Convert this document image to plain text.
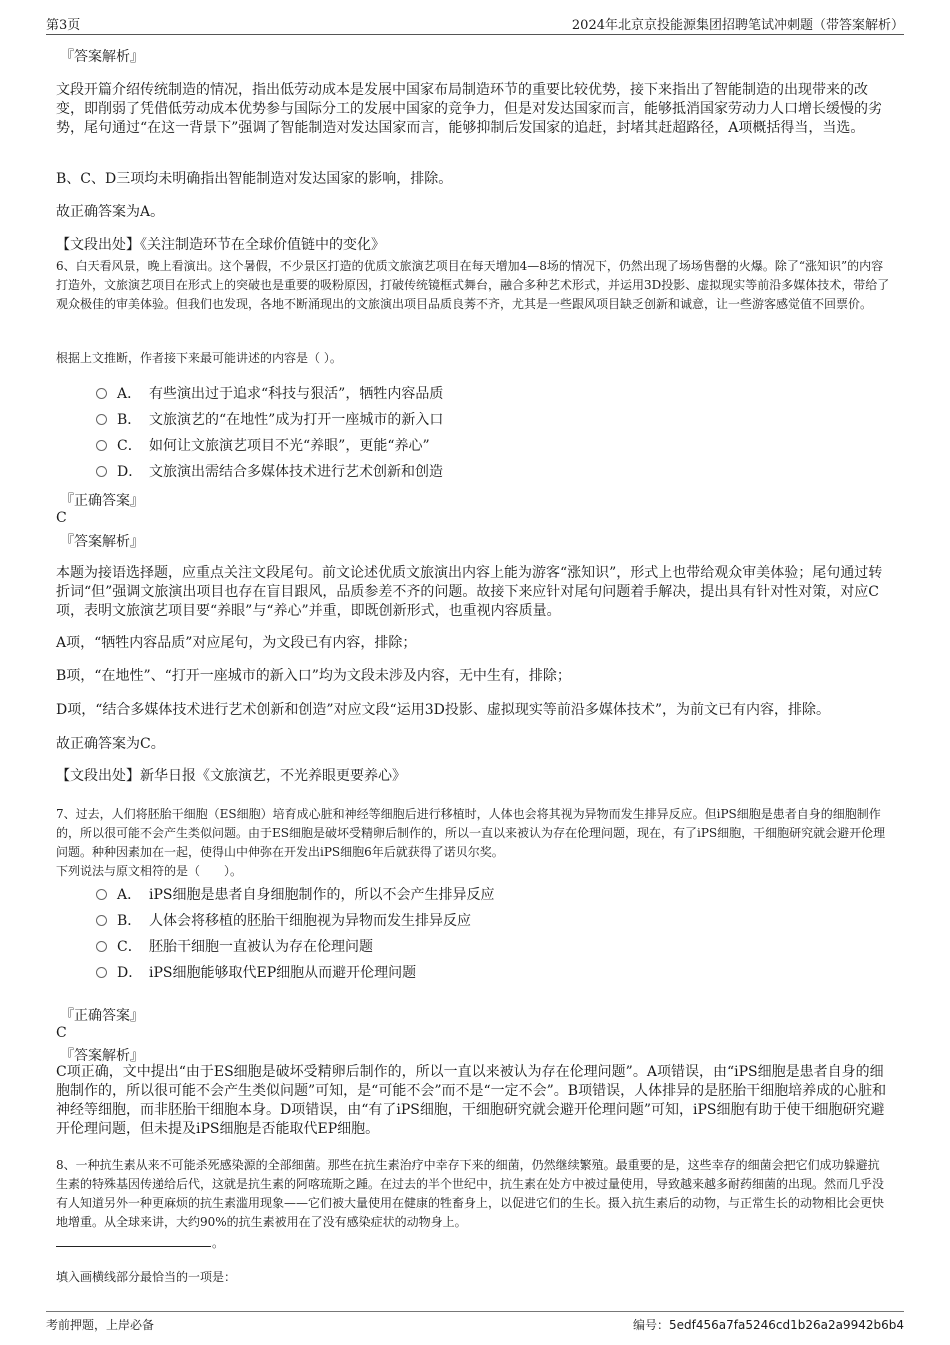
第3页	2024年北京京投能源集团招聘笔试冲刺题（带答案解析）
『答案解析』
文段开篇介绍传统制造的情况，指出低劳动成本是发展中国家布局制造环节的重要比较优势，接下来指出了智能制造的出现带来的改变，即削弱了凭借低劳动成本优势参与国际分工的发展中国家的竞争力，但是对发达国家而言，能够抵消国家劳动力人口增长缓慢的劣势，尾句通过“在这一背景下”强调了智能制造对发达国家而言，能够抑制后发国家的追赶，封堵其赶超路径，A项概括得当，当选。
B、C、D三项均未明确指出智能制造对发达国家的影响，排除。
故正确答案为A。
【文段出处】《关注制造环节在全球价值链中的变化》
6、白天看风景，晚上看演出。这个暑假，不少景区打造的优质文旅演艺项目在每天增加4—8场的情况下，仍然出现了场场售罄的火爆。除了“涨知识”的内容打造外，文旅演艺项目在形式上的突破也是重要的吸粉原因，打破传统镜框式舞台，融合多种艺术形式，并运用3D投影、虚拟现实等前沿多媒体技术，带给了观众极佳的审美体验。但我们也发现，各地不断涌现出的文旅演出项目品质良莠不齐，尤其是一些跟风项目缺乏创新和诚意，让一些游客感觉值不回票价。
根据上文推断，作者接下来最可能讲述的内容是（ ）。
A． 有些演出过于追求“科技与狠活”，牺牲内容品质
B． 文旅演艺的“在地性”成为打开一座城市的新入口
C． 如何让文旅演艺项目不光“养眼”，更能“养心”
D． 文旅演出需结合多媒体技术进行艺术创新和创造
『正确答案』
C
『答案解析』
本题为接语选择题，应重点关注文段尾句。前文论述优质文旅演出内容上能为游客“涨知识”，形式上也带给观众审美体验；尾句通过转折词“但”强调文旅演出项目也存在盲目跟风，品质参差不齐的问题。故接下来应针对尾句问题着手解决，提出具有针对性对策，对应C项，表明文旅演艺项目要“养眼”与“养心”并重，即既创新形式，也重视内容质量。
A项，“牺牲内容品质”对应尾句，为文段已有内容，排除；
B项，“在地性”、“打开一座城市的新入口”均为文段未涉及内容，无中生有，排除；
D项，“结合多媒体技术进行艺术创新和创造”对应文段“运用3D投影、虚拟现实等前沿多媒体技术”，为前文已有内容，排除。
故正确答案为C。
【文段出处】新华日报《文旅演艺，不光养眼更要养心》
7、过去，人们将胚胎干细胞（ES细胞）培育成心脏和神经等细胞后进行移植时，人体也会将其视为异物而发生排异反应。但iPS细胞是患者自身的细胞制作的，所以很可能不会产生类似问题。由于ES细胞是破坏受精卵后制作的，所以一直以来被认为存在伦理问题，现在，有了iPS细胞，干细胞研究就会避开伦理问题。种种因素加在一起，使得山中伸弥在开发出iPS细胞6年后就获得了诺贝尔奖。
下列说法与原文相符的是（　　）。
A． iPS细胞是患者自身细胞制作的，所以不会产生排异反应
B． 人体会将移植的胚胎干细胞视为异物而发生排异反应
C． 胚胎干细胞一直被认为存在伦理问题
D． iPS细胞能够取代EP细胞从而避开伦理问题
『正确答案』
C
『答案解析』
C项正确，文中提出“由于ES细胞是破坏受精卵后制作的，所以一直以来被认为存在伦理问题”。A项错误，由“iPS细胞是患者自身的细胞制作的，所以很可能不会产生类似问题”可知，是“可能不会”而不是“一定不会”。B项错误，人体排异的是胚胎干细胞培养成的心脏和神经等细胞，而非胚胎干细胞本身。D项错误，由“有了iPS细胞，干细胞研究就会避开伦理问题”可知，iPS细胞有助于使干细胞研究避开伦理问题，但未提及iPS细胞是否能取代EP细胞。
8、一种抗生素从来不可能杀死感染源的全部细菌。那些在抗生素治疗中幸存下来的细菌，仍然继续繁殖。最重要的是，这些幸存的细菌会把它们成功躲避抗生素的特殊基因传递给后代，这就是抗生素的阿喀琉斯之踵。在过去的半个世纪中，抗生素在处方中被过量使用，导致越来越多耐药细菌的出现。然而几乎没有人知道另外一种更麻烦的抗生素滥用现象——它们被大量使用在健康的牲畜身上，以促进它们的生长。摄入抗生素后的动物，与正常生长的动物相比会更快地增重。从全球来讲，大约90%的抗生素被用在了没有感染症状的动物身上。
。
填入画横线部分最恰当的一项是：
考前押题，上岸必备	编号：5edf456a7fa5246cd1b26a2a9942b6b4
